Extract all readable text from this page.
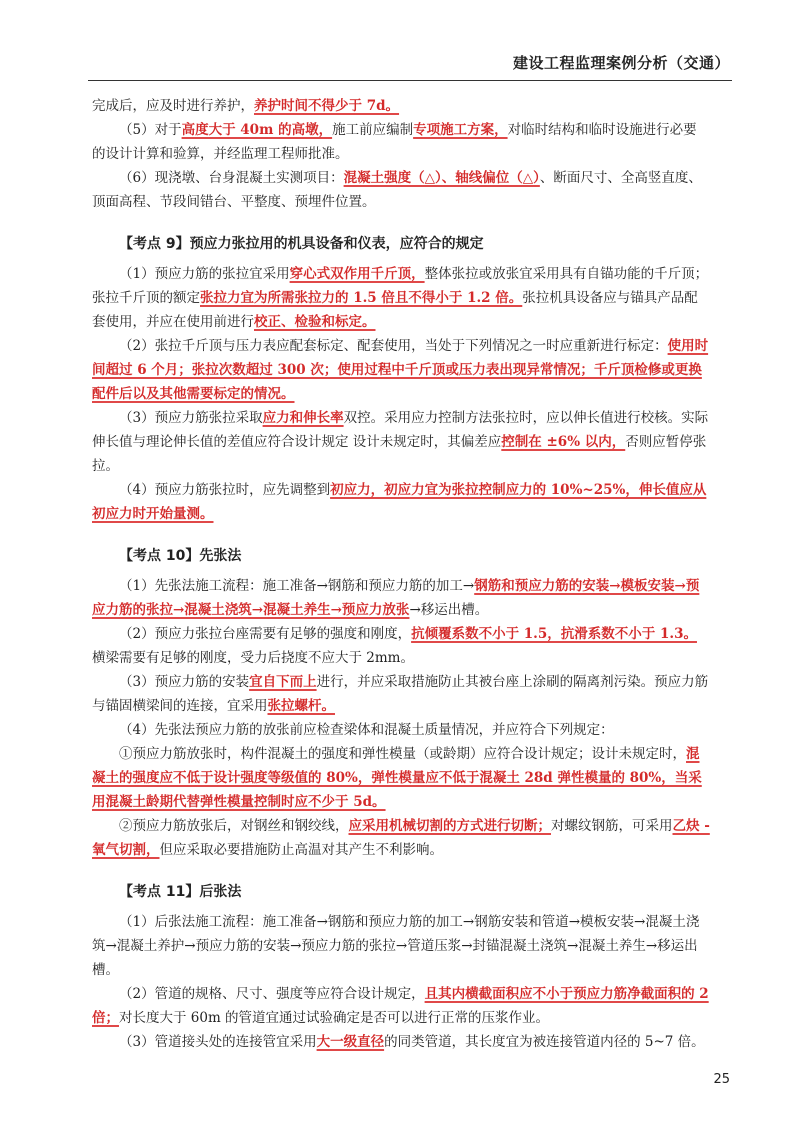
建设工程监理案例分析（交通）

完成后，应及时进行养护，养护时间不得少于 7d。

（5）对于高度大于 40m 的高墩，施工前应编制专项施工方案，对临时结构和临时设施进行必要的设计计算和验算，并经监理工程师批准。

（6）现浇墩、台身混凝土实测项目：混凝土强度（△）、轴线偏位（△）、断面尺寸、全高竖直度、顶面高程、节段间错台、平整度、预埋件位置。

【考点 9】预应力张拉用的机具设备和仪表，应符合的规定

（1）预应力筋的张拉宜采用穿心式双作用千斤顶，整体张拉或放张宜采用具有自锚功能的千斤顶；张拉千斤顶的额定张拉力宜为所需张拉力的 1.5 倍且不得小于 1.2 倍。张拉机具设备应与锚具产品配套使用，并应在使用前进行校正、检验和标定。

（2）张拉千斤顶与压力表应配套标定、配套使用，当处于下列情况之一时应重新进行标定：使用时间超过 6 个月；张拉次数超过 300 次；使用过程中千斤顶或压力表出现异常情况；千斤顶检修或更换配件后以及其他需要标定的情况。

（3）预应力筋张拉采取应力和伸长率双控。采用应力控制方法张拉时，应以伸长值进行校核。实际伸长值与理论伸长值的差值应符合设计规定 设计未规定时，其偏差应控制在 ±6% 以内，否则应暂停张拉。

（4）预应力筋张拉时，应先调整到初应力，初应力宜为张拉控制应力的 10%~25%，伸长值应从初应力时开始量测。

【考点 10】先张法

（1）先张法施工流程：施工准备→钢筋和预应力筋的加工→钢筋和预应力筋的安装→模板安装→预应力筋的张拉→混凝土浇筑→混凝土养生→预应力放张→移运出槽。

（2）预应力张拉台座需要有足够的强度和刚度，抗倾覆系数不小于 1.5，抗滑系数不小于 1.3。横梁需要有足够的刚度，受力后挠度不应大于 2mm。

（3）预应力筋的安装宜自下而上进行，并应采取措施防止其被台座上涂刷的隔离剂污染。预应力筋与锚固横梁间的连接，宜采用张拉螺杆。

（4）先张法预应力筋的放张前应检查梁体和混凝土质量情况，并应符合下列规定：

①预应力筋放张时，构件混凝土的强度和弹性模量（或龄期）应符合设计规定；设计未规定时，混凝土的强度应不低于设计强度等级值的 80%，弹性模量应不低于混凝土 28d 弹性模量的 80%，当采用混凝土龄期代替弹性模量控制时应不少于 5d。

②预应力筋放张后，对钢丝和钢绞线，应采用机械切割的方式进行切断；对螺纹钢筋，可采用乙炔 - 氧气切割，但应采取必要措施防止高温对其产生不利影响。

【考点 11】后张法

（1）后张法施工流程：施工准备→钢筋和预应力筋的加工→钢筋安装和管道→模板安装→混凝土浇筑→混凝土养护→预应力筋的安装→预应力筋的张拉→管道压浆→封锚混凝土浇筑→混凝土养生→移运出槽。

（2）管道的规格、尺寸、强度等应符合设计规定，且其内横截面积应不小于预应力筋净截面积的 2 倍；对长度大于 60m 的管道宜通过试验确定是否可以进行正常的压浆作业。

（3）管道接头处的连接管宜采用大一级直径的同类管道，其长度宜为被连接管道内径的 5~7 倍。

25
